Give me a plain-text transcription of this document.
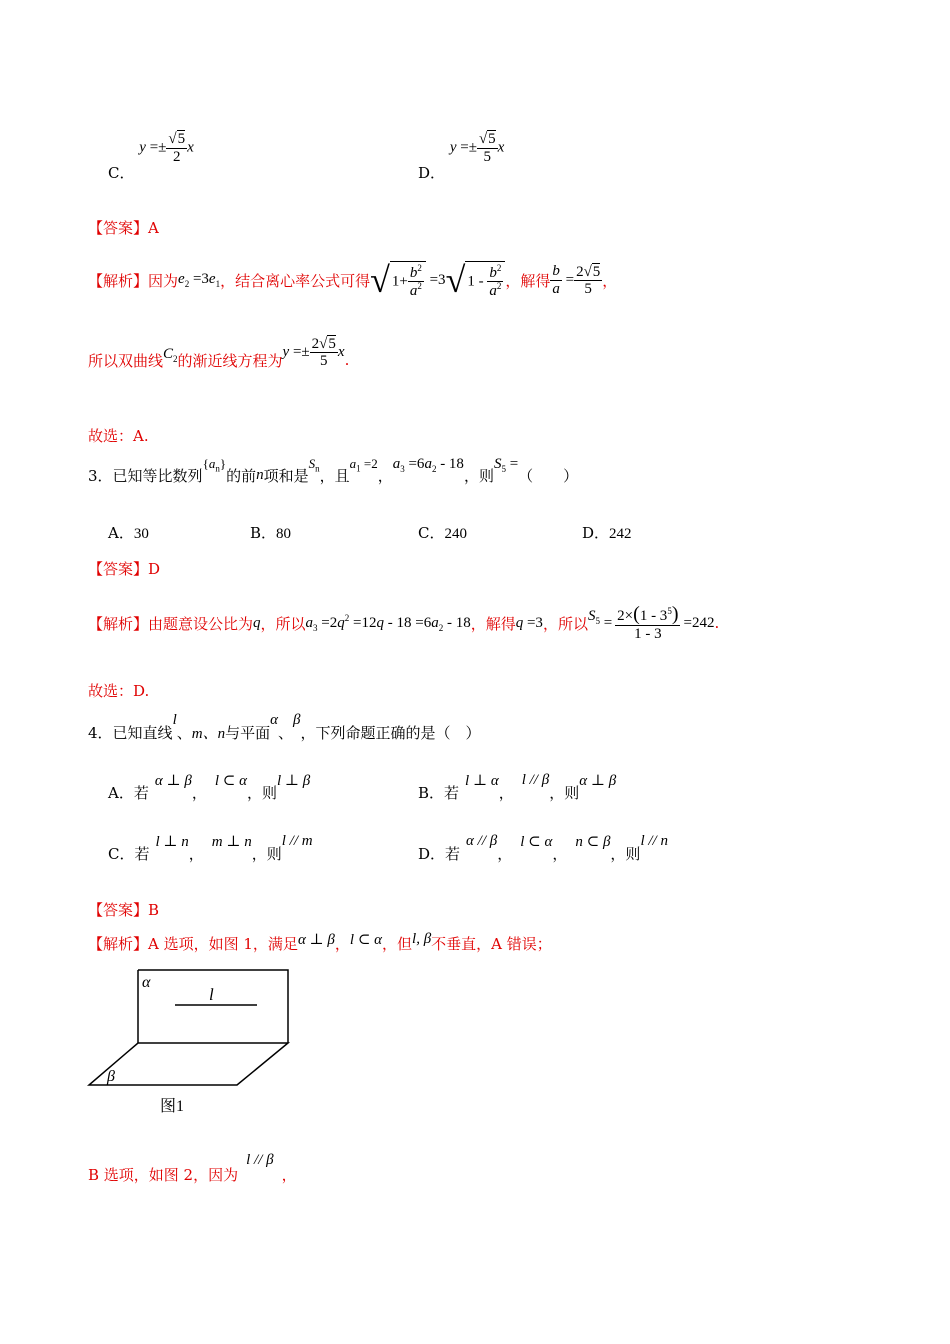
C． $y =\pm \frac{√5}{2}$ x
D． $y =\pm \frac{√5}{5}$ x
【答案】A
【解析】 因为 $e_2 =3e_1$ ，结合离心率公式可得 √ $1+ \frac{b^2}{a^2} =3$ √ $1 - \frac{b^2}{a^2}$ ，解得 $\frac{b}{a} = \frac{2√5}{5}$ ，
所以双曲线 $C_2$ 的渐近线方程为
$y =\pm \frac{2√5}{5}$ x .
故选：A.
3． 已知等比数列
$\{a_n\}$
的前 n 项和是
$S_n$ ，且
$a_1 =2$
，
$a_3 =6a_2 - 18$
，则
$S_5$ =
（　　）
A．30	B．80	C．240	D．242
【答案】D
【解析】 由题意设公比为 q ，所以 $a_3 =2q^2 =12q - 18 =6a_2 - 18$ ，解得 q =3 ，所以 $S_5 = \frac{2\times(1 - 3^5)}{1 - 3} =242$ .
故选：D.
4． 已知直线
l
、 m、n 与平面
α
、
β
，下列命题正确的是（　）
A． 若
α ⊥ β
，
l ⊂ α
，则
l ⊥ β
B． 若
l ⊥ α
，
l // β
，则
α ⊥ β
C． 若
l ⊥ n
，
m ⊥ n
，则
l // m
D． 若
α // β
，
l ⊂ α
，
n ⊂ β
，则
l // n
【答案】B
【解析】 A 选项，如图 1，满足 α ⊥ β ， l ⊂ α ，但 l, β 不垂直，A 错误；
α
l
β
图1
B 选项，如图 2，因为
l // β
，
